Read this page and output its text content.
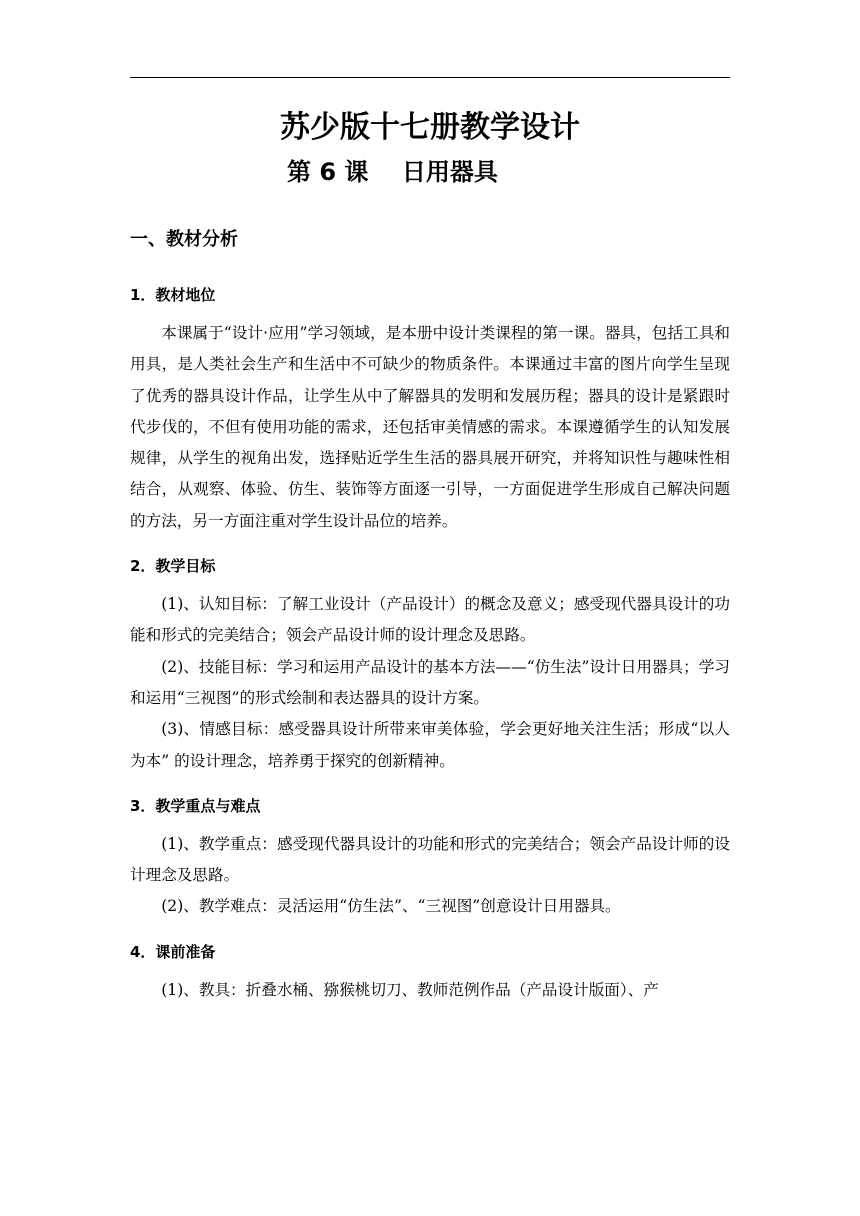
苏少版十七册教学设计
第 6 课    日用器具
一、教材分析
1．教材地位

本课属于“设计·应用”学习领域，是本册中设计类课程的第一课。器具，包括工具和用具，是人类社会生产和生活中不可缺少的物质条件。本课通过丰富的图片向学生呈现了优秀的器具设计作品，让学生从中了解器具的发明和发展历程；器具的设计是紧跟时代步伐的，不但有使用功能的需求，还包括审美情感的需求。本课遵循学生的认知发展规律，从学生的视角出发，选择贴近学生生活的器具展开研究，并将知识性与趣味性相结合，从观察、体验、仿生、装饰等方面逐一引导，一方面促进学生形成自己解决问题的方法，另一方面注重对学生设计品位的培养。

2．教学目标

(1)、认知目标：了解工业设计（产品设计）的概念及意义；感受现代器具设计的功能和形式的完美结合；领会产品设计师的设计理念及思路。

(2)、技能目标：学习和运用产品设计的基本方法——“仿生法”设计日用器具；学习和运用“三视图”的形式绘制和表达器具的设计方案。

(3)、情感目标：感受器具设计所带来审美体验，学会更好地关注生活；形成“以人为本” 的设计理念，培养勇于探究的创新精神。

3．教学重点与难点

(1)、教学重点：感受现代器具设计的功能和形式的完美结合；领会产品设计师的设计理念及思路。

(2)、教学难点：灵活运用“仿生法”、“三视图”创意设计日用器具。

4．课前准备

(1)、教具：折叠水桶、猕猴桃切刀、教师范例作品（产品设计版面）、产
